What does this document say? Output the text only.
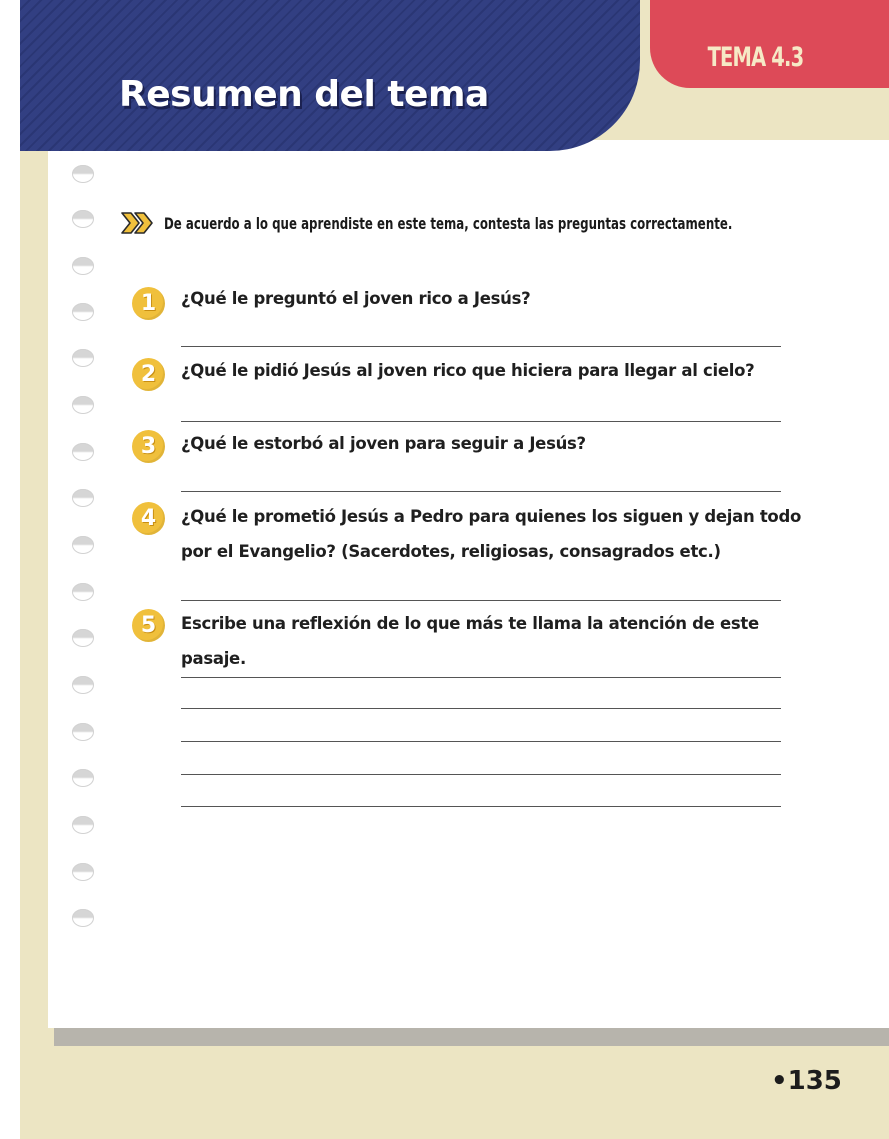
Resumen del tema
TEMA 4.3
De acuerdo a lo que aprendiste en este tema, contesta las preguntas correctamente.
1	¿Qué le preguntó el joven rico a Jesús?

2	¿Qué le pidió Jesús al joven rico que hiciera para llegar al cielo?

3	¿Qué le estorbó al joven para seguir a Jesús?

4	¿Qué le prometió Jesús a Pedro para quienes los siguen y dejan todo por el Evangelio? (Sacerdotes, religiosas, consagrados etc.)

5	Escribe una reflexión de lo que más te llama la atención de este pasaje.

•135
